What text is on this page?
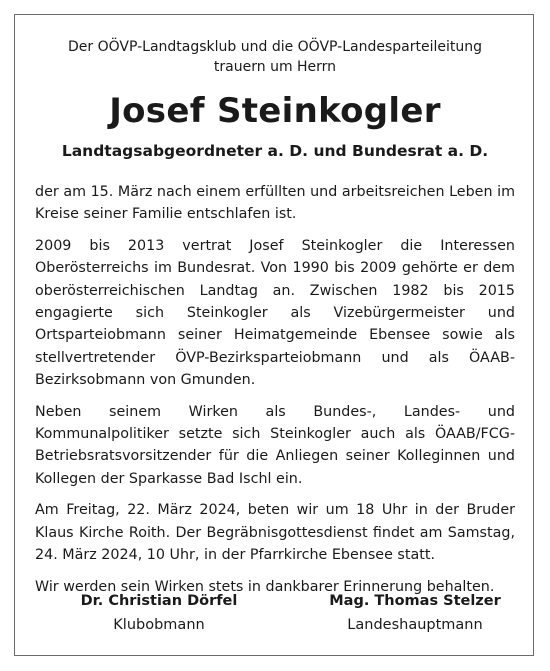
Der OÖVP-Landtagsklub und die OÖVP-Landesparteileitung
trauern um Herrn
Josef Steinkogler
Landtagsabgeordneter a. D. und Bundesrat a. D.

der am 15. März nach einem erfüllten und arbeitsreichen Leben im Kreise seiner Familie entschlafen ist.

2009 bis 2013 vertrat Josef Steinkogler die Interessen Oberösterreichs im Bundesrat. Von 1990 bis 2009 gehörte er dem oberösterreichischen Landtag an. Zwischen 1982 bis 2015 engagierte sich Steinkogler als Vizebürgermeister und Ortsparteiobmann seiner Heimatgemeinde Ebensee sowie als stellvertretender ÖVP-Bezirksparteiobmann und als ÖAAB-Bezirksobmann von Gmunden.

Neben seinem Wirken als Bundes-, Landes- und Kommunalpolitiker setzte sich Steinkogler auch als ÖAAB/FCG-Betriebsratsvorsitzender für die Anliegen seiner Kolleginnen und Kollegen der Sparkasse Bad Ischl ein.

Am Freitag, 22. März 2024, beten wir um 18 Uhr in der Bruder Klaus Kirche Roith. Der Begräbnisgottesdienst findet am Samstag, 24. März 2024, 10 Uhr, in der Pfarrkirche Ebensee statt.

Wir werden sein Wirken stets in dankbarer Erinnerung behalten.

Dr. Christian Dörfel
Klubobmann
Mag. Thomas Stelzer
Landeshauptmann
